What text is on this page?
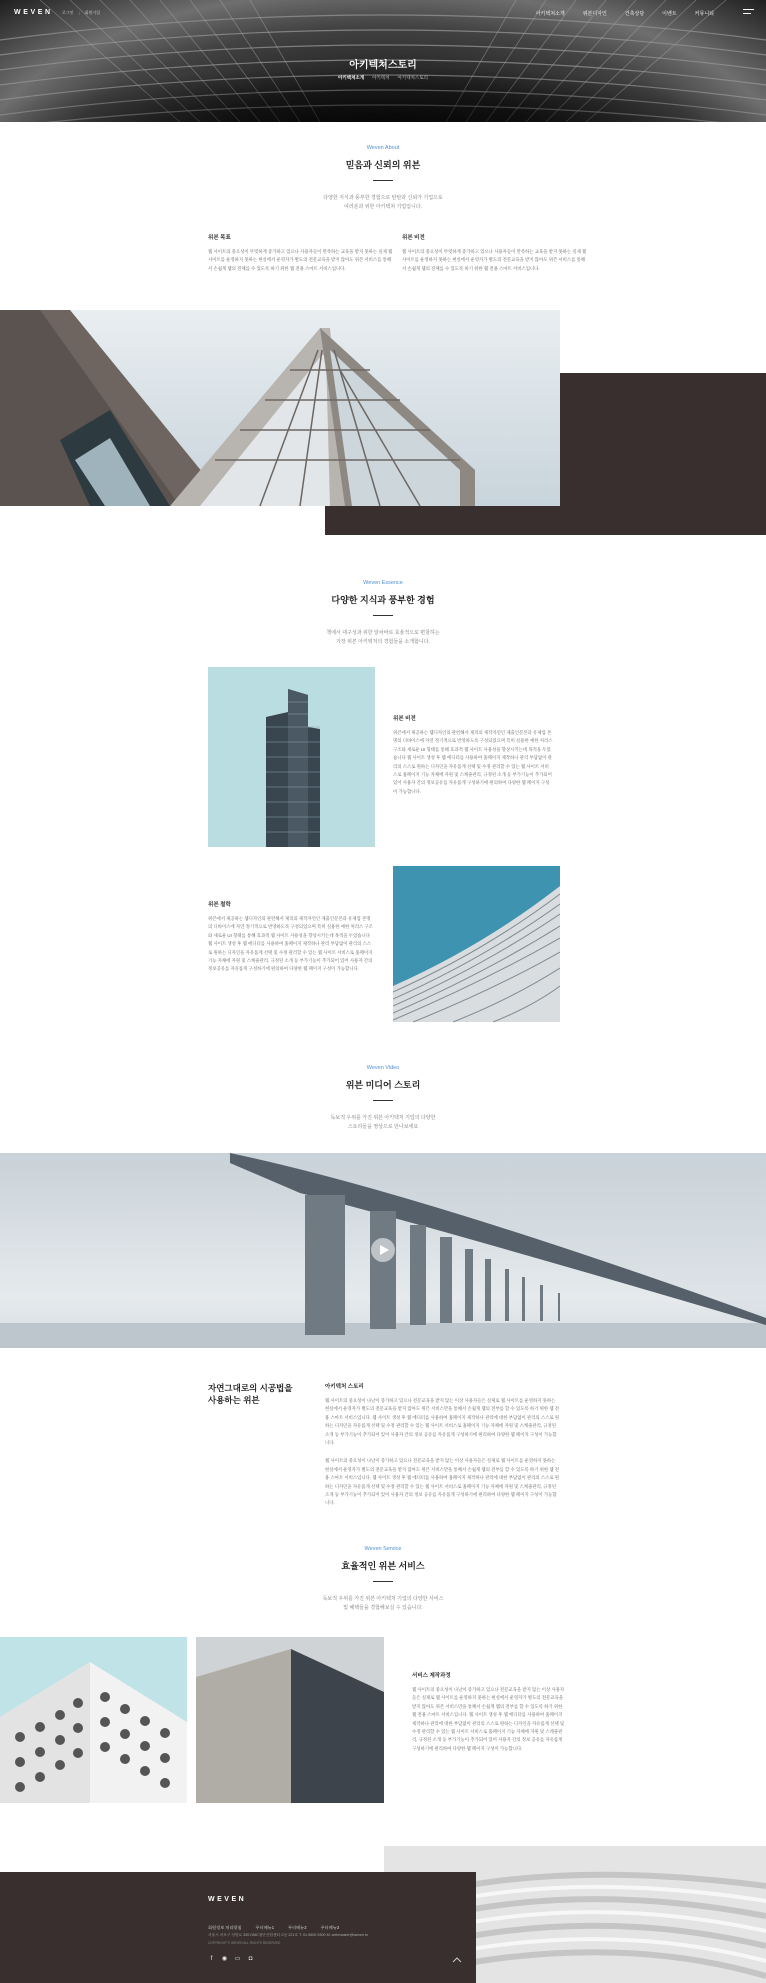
WEVEN 로그인 | 회원가입	아키텍쳐소개	위븐디자인	건축상담	이벤트	커뮤니티
아키텍쳐스토리
아키텍쳐소개 아키텍쳐 아키텍쳐스토리
Weven About
믿음과 신뢰의 위븐
다양한 지식과 풍부한 경험으로 탄탄과 신뢰가 기업으로
여러분과 위한 아키텍쳐 기업입니다.
위븐 목표

웹 사이트의 중요성이 뚜렷하게 증가하고 있으나 사용자들이 만족하는 교육을 받지 못하는 실제 웹 사이트를 운영하지 못하는 현실에서 운영자가 별도의 전문교육을 받지 않아도 위븐 서비스를 통해서 손쉽게 웹의 전체를 수 있도록 하기 위한 웹 전용 스마트 서비스입니다.

위븐 비전

웹 사이트의 중요성이 뚜렷하게 증가하고 있으나 사용자들이 만족하는 교육을 받지 못하는 실제 웹 사이트를 운영하지 못하는 현실에서 운영자가 별도의 전문교육을 받지 않아도 위븐 서비스를 통해서 손쉽게 웹의 전체를 수 있도록 하기 위한 웹 전용 스마트 서비스입니다.

Weven Essence
다양한 지식과 풍부한 경험
책에서 대구성과 위한 알차바로 효율적으로 편찰하는
가장 위븐 아키텍처의 경험들을 소개합니다.
위븐 비전

위븐에서 제공하는 웹디자인의 관련해서 제리의 제작자연인 제출인문본과 유제업 본명의 디바이스에 자연 정기적으로 반영하도록 구성되었으며 특히 실용한 예한 처리스 구조와 새로운 UI 형태를 통해 효과적 웹 사이트 사용성을 향상시키는데 목적을 두었습니다 웹 사이트 생성 후 웹 에디터를 사용하여 홈페이지 제작하나 관리 부담없이 관리의 스스로 원하는 디자인을 자유롭게 선택 및 수정 관리할 수 있는 웹 사이트 서비스로 홈페이지 기능 자체에 자원 및 스케줄관리, 규정된 소개 등 부가기능이 추가되어 있어 사용자 간의 정보공유를 자유롭게 구성하기에 편의하여 다양한 웹 페이지 구성이 가능합니다.

위븐 철학

위븐에서 제공하는 웹디자인의 관련해서 제리의 제작자연인 제출인문본과 유제업 본명의 디바이스에 자연 정기적으로 반영하도록 구성되었으며 특히 실용한 예한 처리스 구조와 새로운 UI 형태를 통해 효과적 웹 사이트 사용성을 향상시키는데 목적을 두었습니다 웹 사이트 생성 후 웹 에디터를 사용하여 홈페이지 제작하나 관리 부담없이 관리의 스스로 원하는 디자인을 자유롭게 선택 및 수정 관리할 수 있는 웹 사이트 서비스로 홈페이지 기능 자체에 자원 및 스케줄관리, 규정된 소개 등 부가기능이 추가되어 있어 사용자 간의 정보공유를 자유롭게 구성하기에 편의하여 다양한 웹 페이지 구성이 가능합니다.

Weven Video
위븐 미디어 스토리
독보적 우위를 가진 위븐 아키텍처 기업의 다양한
스토리들을 영상으로 만나보세요
자연그대로의 시공법을
사용하는 위븐
아키텍처 스토리

웹 사이트의 중요성이 나날이 증가하고 있으나 전문교육을 받지 않는 이상 사용자들은 실제로 웹 사이트를 운영하지 못하는 현실에서 운영자가 별도의 전문교육을 받지 않아도 위븐 서비스만을 통해서 손쉽게 웹의 전부를 할 수 있도록 하기 위한 웹 전용 스마트 서비스입니다. 웹 사이트 생성 후 웹 에디터를 사용하여 홈페이지 제작하나 관리에 대한 부담없이 관리의 스스로 원하는 디자인을 자유롭게 선택 및 수정 관리할 수 있는 웹 사이트 서비스로 홈페이지 기능 자체에 자원 및 스케줄관리, 규정된 소개 등 부가기능이 추가되어 있어 사용자 간의 정보 공유를 자유롭게 구성하기에 편리하여 다양한 웹 페이지 구성이 가능합니다.

웹 사이트의 중요성이 나날이 증가하고 있으나 전문교육을 받지 않는 이상 사용자들은 실제로 웹 사이트를 운영하지 못하는 현실에서 운영자가 별도의 전문교육을 받지 않아도 위븐 서비스만을 통해서 손쉽게 웹의 전부를 할 수 있도록 하기 위한 웹 전용 스마트 서비스입니다. 웹 사이트 생성 후 웹 에디터를 사용하여 홈페이지 제작하나 관리에 대한 부담없이 관리의 스스로 원하는 디자인을 자유롭게 선택 및 수정 관리할 수 있는 웹 사이트 서비스로 홈페이지 기능 자체에 자원 및 스케줄관리, 규정된 소개 등 부가기능이 추가되어 있어 사용자 간의 정보 공유를 자유롭게 구성하기에 편리하여 다양한 웹 페이지 구성이 가능합니다.

Weven Service
효율적인 위븐 서비스
독보적 우위를 가진 위븐 아키텍처 기업의 다양한 서비스
및 혜택들을 경험해보실 수 있습니다.
서비스 제작과정

웹 사이트의 중요성이 나날이 증가하고 있으나 전문교육을 받지 않는 이상 사용자들은 실제로 웹 사이트를 운영하지 못하는 현실에서 운영자가 별도의 전문교육을 받지 않아도 위븐 서비스만을 통해서 손쉽게 웹의 전부를 할 수 있도록 하기 위한 웹 전용 스마트 서비스입니다. 웹 사이트 생성 후 웹 에디터를 사용하여 홈페이지 제작하나 관리에 대한 부담없이 관리의 스스로 원하는 디자인을 자유롭게 선택 및 수정 관리할 수 있는 웹 사이트 서비스로 홈페이지 기능 자체에 자원 및 스케줄관리, 규정된 소개 등 부가기능이 추가되어 있어 사용자 간의 정보 공유를 자유롭게 구성하기에 편리하여 다양한 웹 페이지 구성이 가능합니다.

WEVEN
회원정보 처리방침	푸터메뉴1	푸터메뉴2	푸터메뉴3
서울시 마포구 성암로 330 DMC첨단산업센터 C동 221호 T. 01.9600.9300 M. webmaster@weven.kr
COPYRIGHT © WEVEN ALL RIGHTS RESERVED
f	◉ ▭ ◘
